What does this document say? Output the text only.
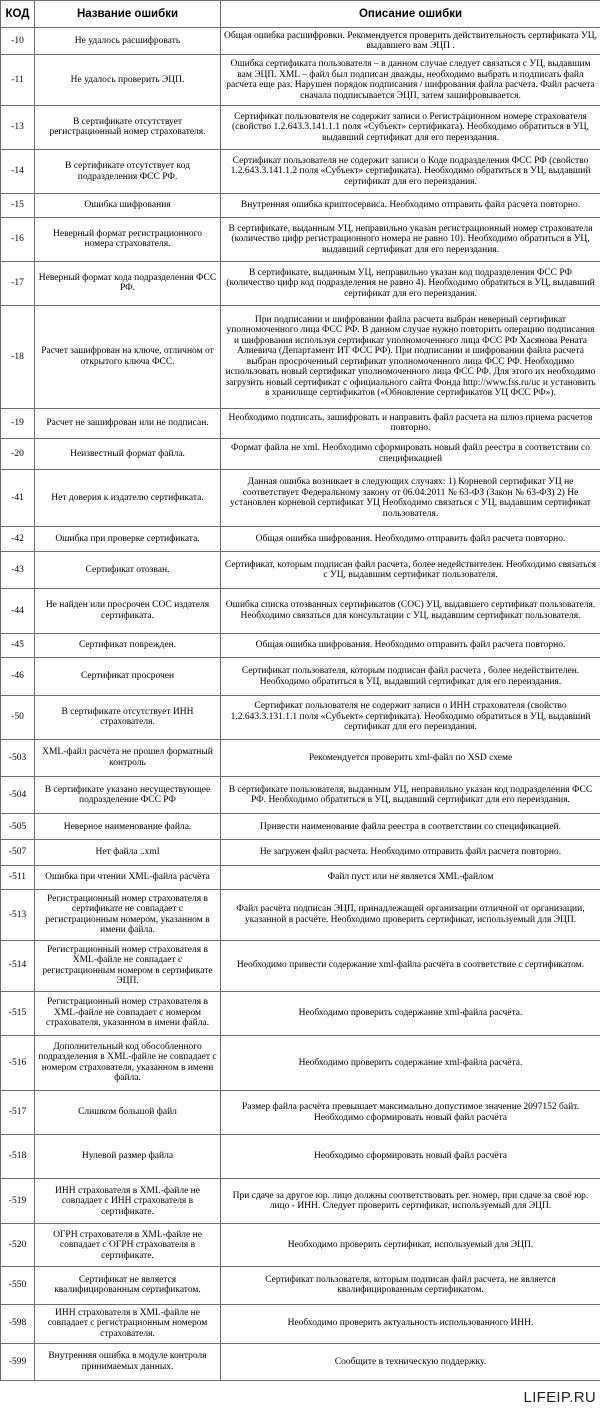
КОД	Название ошибки	Описание ошибки
-10	Не удалось расшифровать	Общая ошибка расшифровки. Рекомендуется проверить действительность сертификата УЦ, выдавшего вам ЭЦП .
-11	Не удалось проверить ЭЦП.	Ошибка сертификата пользователя – в данном случае следует связаться с УЦ, выдавшим вам ЭЦП. XML – файл был подписан дважды, необходимо выбрать и подписать файл расчета еще раз. Нарушен порядок подписания / шифрования файла расчета. Файл расчета сначала подписывается ЭЦП, затем зашифровывается.
-13	В сертификате отсутствует регистрационный номер страхователя.	Сертификат пользователя не содержит записи о Регистрационном номере страхователя (свойство 1.2.643.3.141.1.1 поля «Субъект» сертификата). Необходимо обратиться в УЦ, выдавший сертификат для его переиздания.
-14	В сертификате отсутствует код подразделения ФСС РФ.	Сертификат пользователя не содержит записи о Коде подразделения ФСС РФ (свойство 1.2.643.3.141.1.2 поля «Субъект» сертификата). Необходимо обратиться в УЦ, выдавший сертификат для его переиздания.
-15	Ошибка шифрования	Внутренняя ошибка криптосервиса. Необходимо отправить файл расчета повторно.
-16	Неверный формат регистрационного номера страхователя.	В сертификате, выданным УЦ, неправильно указан регистрационный номер страхователя (количество цифр регистрационного номера не равно 10). Необходимо обратиться в УЦ, выдавший сертификат для его переиздания.
-17	Неверный формат кода подразделения ФСС РФ.	В сертификате, выданным УЦ, неправильно указан код подразделения ФСС РФ (количество цифр код подразделения не равно 4). Необходимо обратиться в УЦ, выдавший сертификат для его переиздания.
-18	Расчет зашифрован на ключе, отличном от открытого ключа ФСС.	При подписании и шифровании файла расчета выбран неверный сертификат уполномоченного лица ФСС РФ. В данном случае нужно повторить операцию подписания и шифрования используя сертификат уполномоченного лица ФСС РФ Хасянова Рената Алиевича (Департамент ИТ ФСС РФ). При подписании и шифровании файла расчета выбран просроченный сертификат уполномоченного лица ФСС РФ. Необходимо использовать новый сертификат уполномоченного лица ФСС РФ. Для этого их необходимо загрузить новый сертификат с официального сайта Фонда http://www.fss.ru/uc и установить в хранилище сертификатов («Обновление сертификатов УЦ ФСС РФ»).
-19	Расчет не зашифрован или не подписан.	Необходимо подписать, зашифровать и направить файл расчета на шлюз приема расчетов повторно.
-20	Неизвестный формат файла.	Формат файла не xml. Необходимо сформировать новый файл реестра в соответствии со спецификацией
-41	Нет доверия к издателю сертификата.	Данная ошибка возникает в следующих случаях: 1) Корневой сертификат УЦ не соответствует Федеральному закону от 06.04.2011 № 63-ФЗ (Закон № 63-ФЗ) 2) Не установлен корневой сертификат УЦ Необходимо связаться с УЦ, выдавшим сертификат пользователя.
-42	Ошибка при проверке сертификата.	Общая ошибка шифрования. Необходимо отправить файл расчета повторно.
-43	Сертификат отозван.	Сертификат, которым подписан файл расчета, более недействителен. Необходимо связаться с УЦ, выдавшим сертификат пользователя.
-44	Не найден или просрочен СОС издателя сертификата.	Ошибка списка отозванных сертификатов (СОС) УЦ, выдавшего сертификат пользователя. Необходимо связаться для консультации с УЦ, выдавшим сертификат пользователя.
-45	Сертификат поврежден.	Общая ошибка шифрования. Необходимо отправить файл расчета повторно.
-46	Сертификат просрочен	Сертификат пользователя, которым подписан файл расчета , более недействителен. Необходимо обратиться в УЦ, выдавший сертификат для его переиздания.
-50	В сертификате отсутствует ИНН страхователя.	Сертификат пользователя не содержит записи о ИНН страхователя (свойство 1.2.643.3.131.1.1 поля «Субъект» сертификата). Необходимо обратиться в УЦ, выдавший сертификат для его переиздания.
-503	XML-файл расчёта не прошел форматный контроль	Рекомендуется проверить xml-файл по XSD схеме
-504	В сертификате указано несуществующее подразделение ФСС РФ	В сертификате пользователя, выданным УЦ, неправильно указан код подразделения ФСС РФ. Необходимо обратиться в УЦ, выдавший сертификат для его переиздания.
-505	Неверное наименование файла.	Привести наименование файла реестра в соответствии со спецификацией.
-507	Нет файла ..xml	Не загружен файл расчета. Необходимо отправить файл расчета повторно.
-511	Ошибка при чтении XML-файла расчёта	Файл пуст или не является XML-файлом
-513	Регистрационный номер страхователя в сертификате не совпадает с регистрационным номером, указанном в имени файла.	Файл расчёта подписан ЭЦП, принадлежащей организации отличной от организации, указанной в расчёте. Необходимо проверить сертификат, используемый для ЭЦП.
-514	Регистрационный номер страхователя в XML-файле не совпадает с регистрационным номером в сертификате ЭЦП.	Необходимо привести содержание xml-файла расчёта в соответствие с сертификатом.
-515	Регистрационный номер страхователя в XML-файле не совпадает с номером страхователя, указанном в имени файла.	Необходимо проверить содержание xml-файла расчёта.
-516	Дополнительный код обособленного подразделения в XML-файле не совпадает с номером страхователя, указанном в имени файла.	Необходимо проверить содержание xml-файла расчёта.
-517	Слишком большой файл	Размер файла расчёта превышает максимально допустимое значение 2097152 байт. Необходимо сформировать новый файл расчёта
-518	Нулевой размер файла	Необходимо сформировать новый файл расчёта
-519	ИНН страхователя в XML-файле не совпадает с ИНН страхователя в сертификате.	При сдаче за другое юр. лицо должны соответствовать рег. номер, при сдаче за своё юр. лицо - ИНН. Следует проверить сертификат, используемый для ЭЦП.
-520	ОГРН страхователя в XML-файле не совпадает с ОГРН страхователя в сертификате.	Необходимо проверить сертификат, используемый для ЭЦП.
-550	Сертификат не является квалифицированным сертификатом.	Сертификат пользователя, которым подписан файл расчета, не является квалифицированным сертификатом.
-598	ИНН страхователя в XML-файле не совпадает с регистрационным номером страхователя.	Необходимо проверить актуальность использованного ИНН.
-599	Внутренняя ошибка в модуле контроля принимаемых данных.	Сообщите в техническую поддержку.
LIFEIP.RU
